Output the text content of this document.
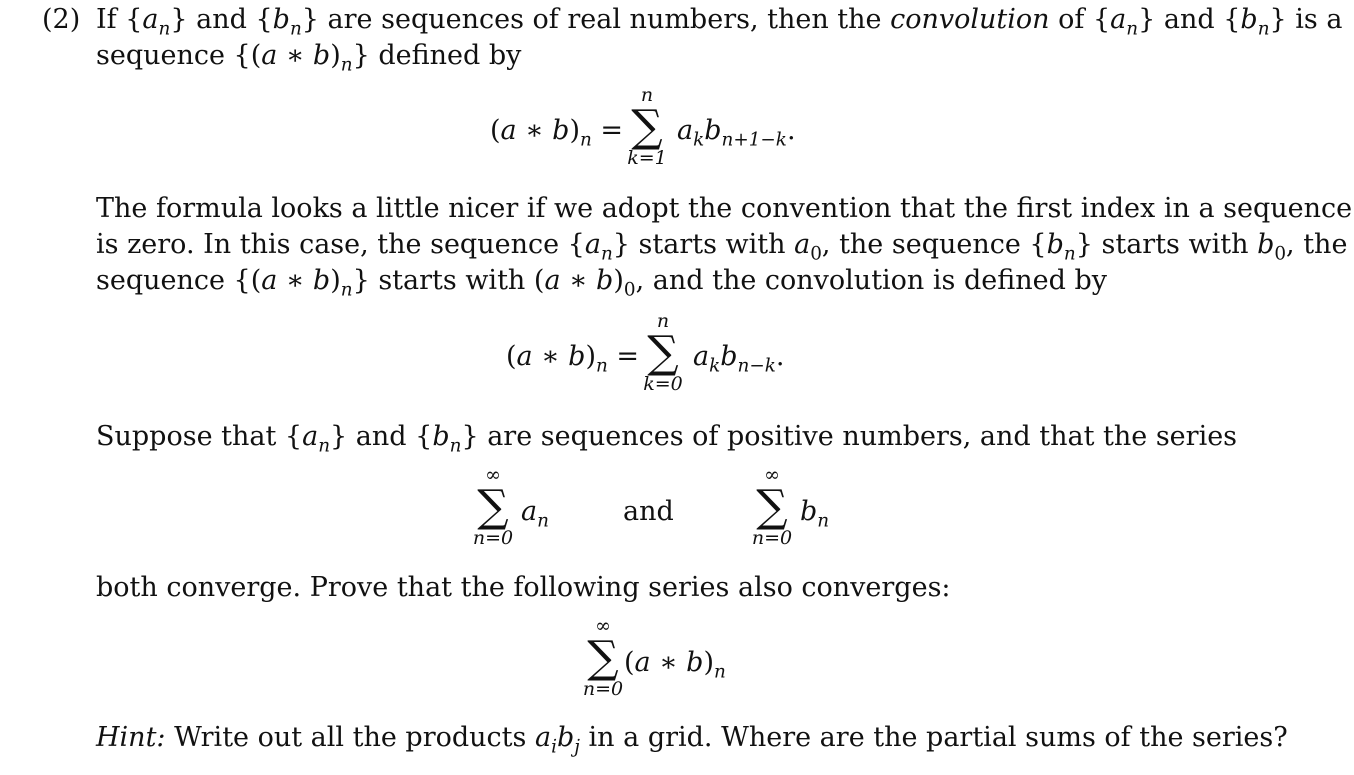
(2) If $\{a_n\}$ and $\{b_n\}$ are sequences of real numbers, then the convolution of $\{a_n\}$ and $\{b_n\}$ is a
sequence {(a ∗ $b)_n$} defined by
(a ∗ $b)_n$ =
n
∑
k=1
$a_kb_{n+1-k}$.
The formula looks a little nicer if we adopt the convention that the first index in a sequence
is zero. In this case, the sequence $\{a_n\}$ starts with $a_0$, the sequence $\{b_n\}$ starts with $b_0$, the
sequence {(a ∗ $b)_n$} starts with (a ∗ $b)_0$, and the convolution is defined by
(a ∗ $b)_n$ =
n
∑
k=0
$a_kb_{n-k}$.
Suppose that $\{a_n\}$ and $\{b_n\}$ are sequences of positive numbers, and that the series
∞
∑
n=0
$a_n$	and
∞
∑
n=0
$b_n$
both converge. Prove that the following series also converges:
∞
∑
n=0
(a ∗ $b)_n$
Hint: Write out all the products $a_ib_j$ in a grid. Where are the partial sums of the series?
